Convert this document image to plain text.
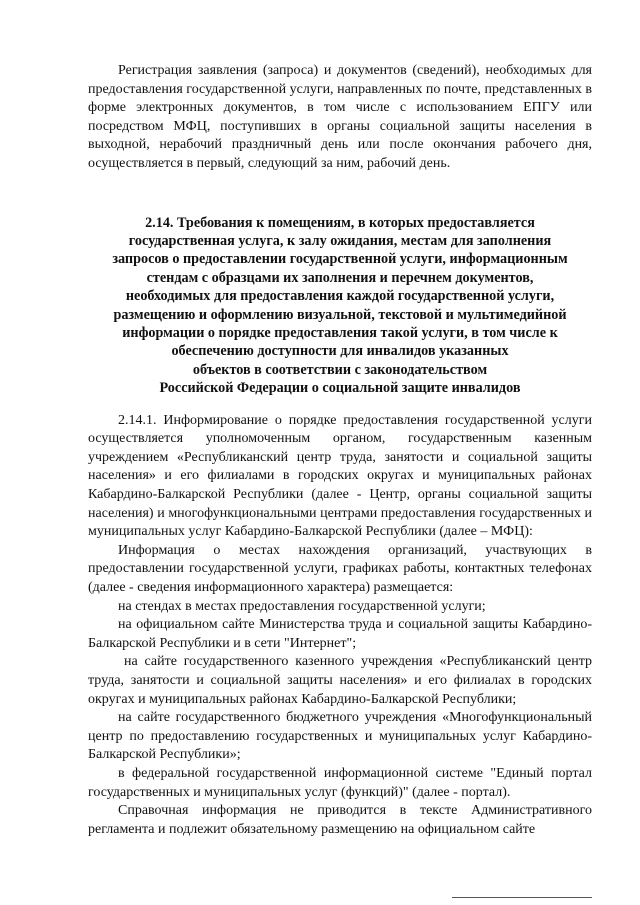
Регистрация заявления (запроса) и документов (сведений), необходимых для предоставления государственной услуги, направленных по почте, представленных в форме электронных документов, в том числе с использованием ЕПГУ или посредством МФЦ, поступивших в органы социальной защиты населения в выходной, нерабочий праздничный день или после окончания рабочего дня, осуществляется в первый, следующий за ним, рабочий день.

2.14. Требования к помещениям, в которых предоставляется
государственная услуга, к залу ожидания, местам для заполнения
запросов о предоставлении государственной услуги, информационным
стендам с образцами их заполнения и перечнем документов,
необходимых для предоставления каждой государственной услуги,
размещению и оформлению визуальной, текстовой и мультимедийной
информации о порядке предоставления такой услуги, в том числе к
обеспечению доступности для инвалидов указанных
объектов в соответствии с законодательством
Российской Федерации о социальной защите инвалидов

2.14.1. Информирование о порядке предоставления государственной услуги осуществляется уполномоченным органом, государственным казенным учреждением «Республиканский центр труда, занятости и социальной защиты населения» и его филиалами в городских округах и муниципальных районах Кабардино-Балкарской Республики (далее - Центр, органы социальной защиты населения) и многофункциональными центрами предоставления государственных и муниципальных услуг Кабардино-Балкарской Республики (далее – МФЦ):

Информация о местах нахождения организаций, участвующих в предоставлении государственной услуги, графиках работы, контактных телефонах (далее - сведения информационного характера) размещается:

на стендах в местах предоставления государственной услуги;

на официальном сайте Министерства труда и социальной защиты Кабардино-Балкарской Республики и в сети "Интернет";

на сайте государственного казенного учреждения «Республиканский центр труда, занятости и социальной защиты населения» и его филиалах в городских округах и муниципальных районах Кабардино-Балкарской Республики;

на сайте государственного бюджетного учреждения «Многофункциональный центр по предоставлению государственных и муниципальных услуг Кабардино-Балкарской Республики»;

в федеральной государственной информационной системе "Единый портал государственных и муниципальных услуг (функций)" (далее - портал).

Справочная информация не приводится в тексте Административного регламента и подлежит обязательному размещению на официальном сайте
